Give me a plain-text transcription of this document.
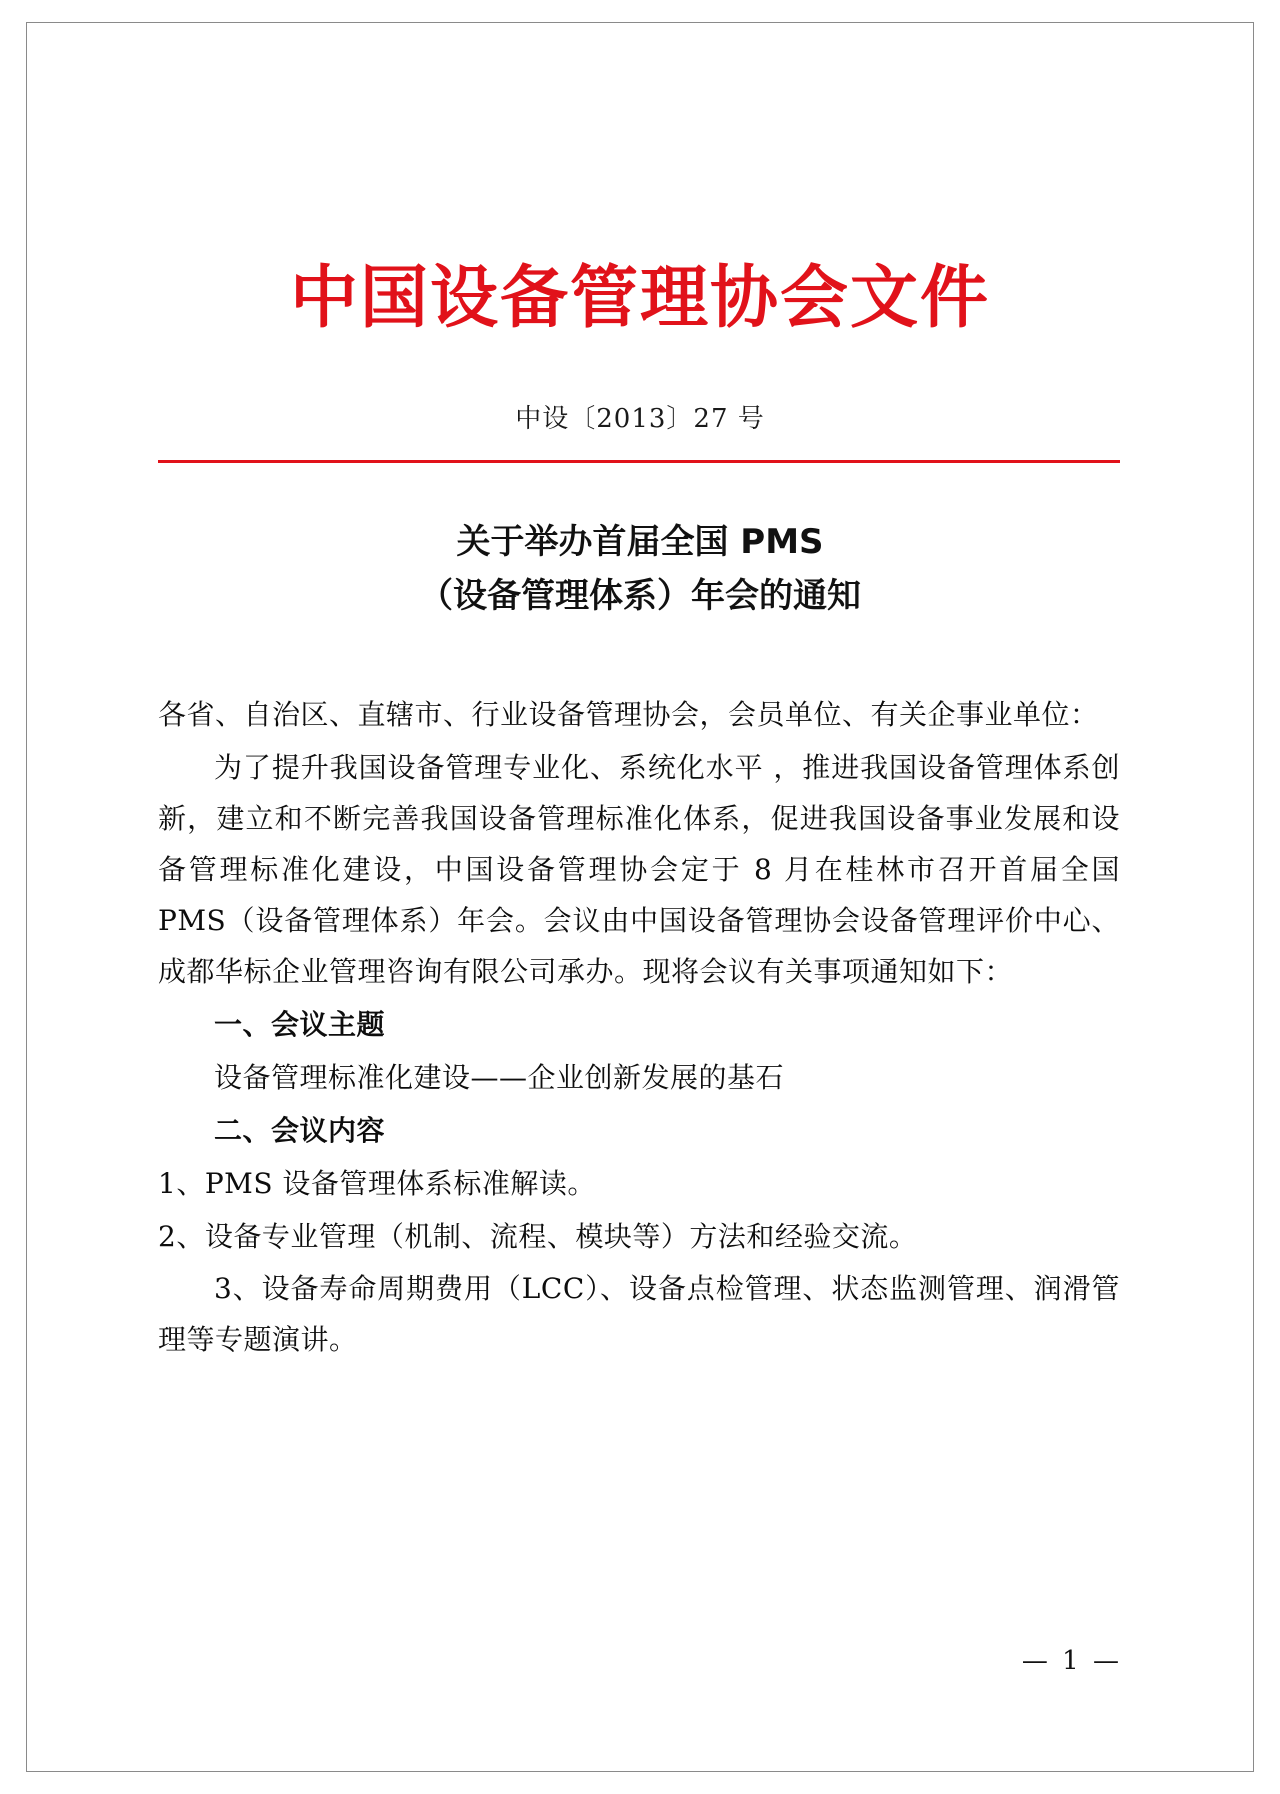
中国设备管理协会文件
中设〔2013〕27 号
关于举办首届全国 PMS
（设备管理体系）年会的通知

各省、自治区、直辖市、行业设备管理协会，会员单位、有关企事业单位：

为了提升我国设备管理专业化、系统化水平 ，推进我国设备管理体系创新，建立和不断完善我国设备管理标准化体系，促进我国设备事业发展和设备管理标准化建设，中国设备管理协会定于 8 月在桂林市召开首届全国 PMS（设备管理体系）年会。会议由中国设备管理协会设备管理评价中心、成都华标企业管理咨询有限公司承办。现将会议有关事项通知如下：

一、会议主题

设备管理标准化建设——企业创新发展的基石

二、会议内容

1、PMS 设备管理体系标准解读。

2、设备专业管理（机制、流程、模块等）方法和经验交流。

3、设备寿命周期费用（LCC）、设备点检管理、状态监测管理、润滑管理等专题演讲。

— 1 —
